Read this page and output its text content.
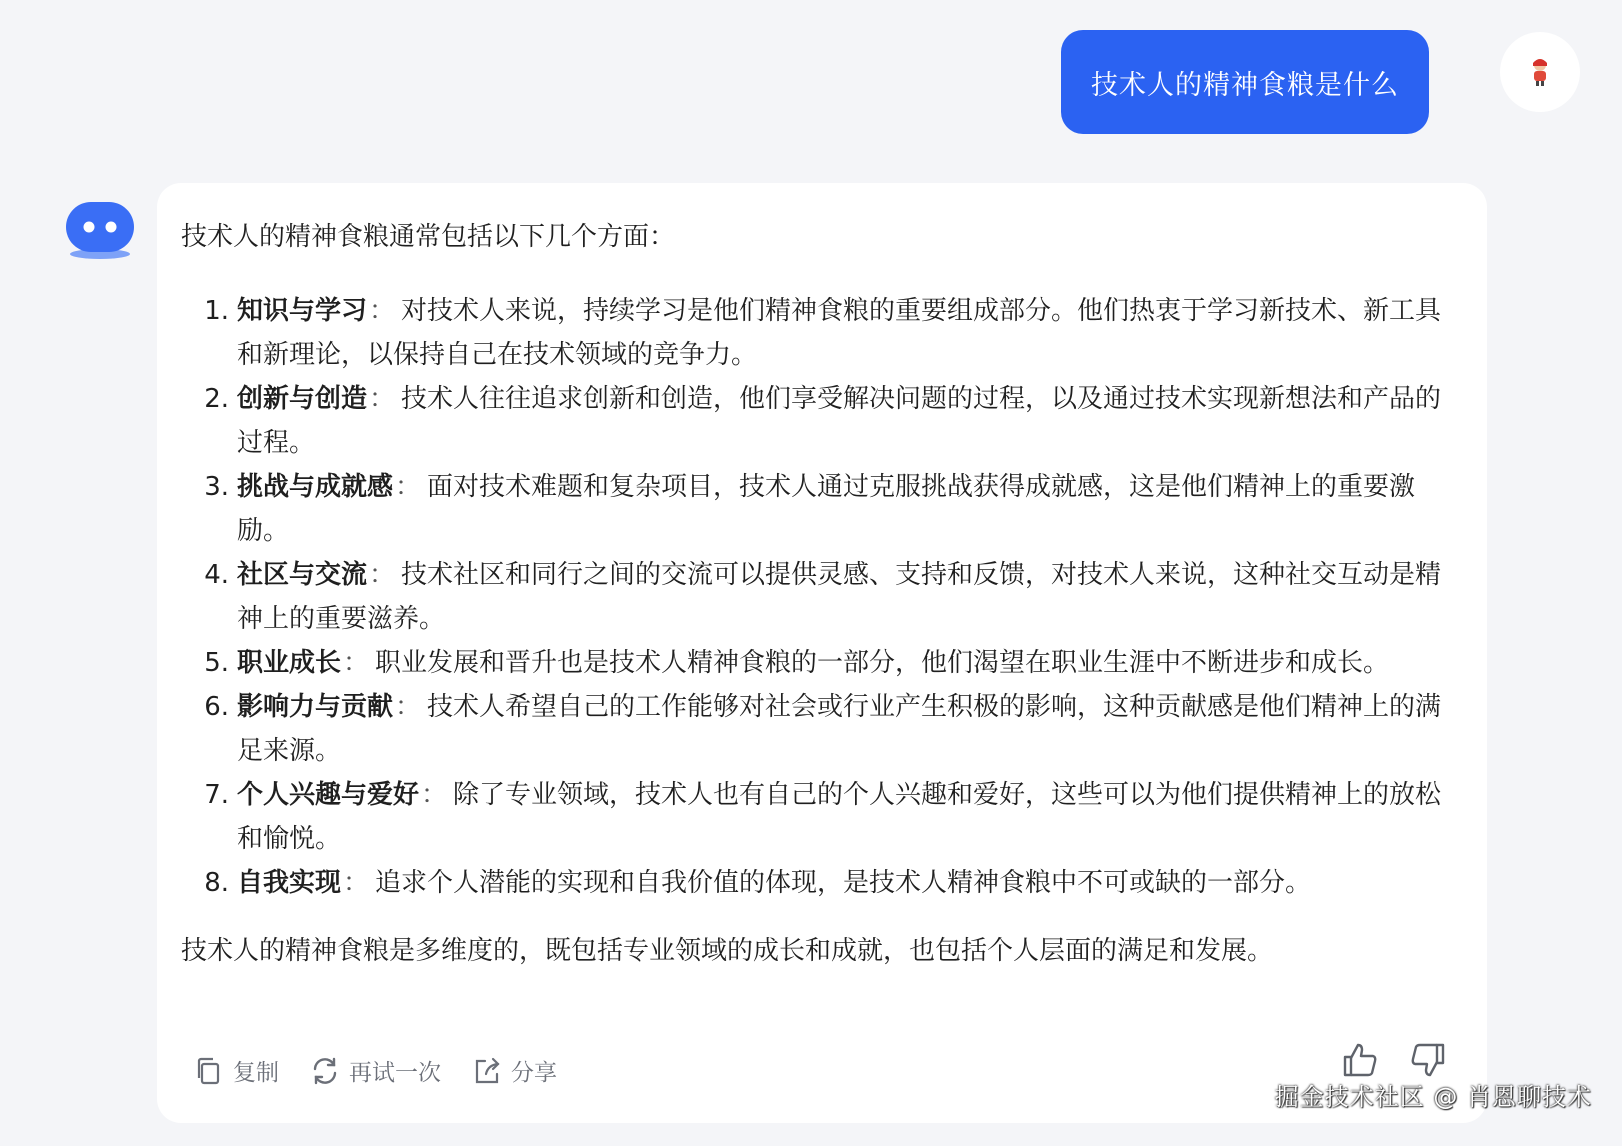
技术人的精神食粮是什么

技术人的精神食粮通常包括以下几个方面：

1. 知识与学习： 对技术人来说，持续学习是他们精神食粮的重要组成部分。他们热衷于学习新技术、新工具和新理论，以保持自己在技术领域的竞争力。
2. 创新与创造： 技术人往往追求创新和创造，他们享受解决问题的过程，以及通过技术实现新想法和产品的过程。
3. 挑战与成就感： 面对技术难题和复杂项目，技术人通过克服挑战获得成就感，这是他们精神上的重要激励。
4. 社区与交流： 技术社区和同行之间的交流可以提供灵感、支持和反馈，对技术人来说，这种社交互动是精神上的重要滋养。
5. 职业成长： 职业发展和晋升也是技术人精神食粮的一部分，他们渴望在职业生涯中不断进步和成长。
6. 影响力与贡献： 技术人希望自己的工作能够对社会或行业产生积极的影响，这种贡献感是他们精神上的满足来源。
7. 个人兴趣与爱好： 除了专业领域，技术人也有自己的个人兴趣和爱好，这些可以为他们提供精神上的放松和愉悦。
8. 自我实现： 追求个人潜能的实现和自我价值的体现，是技术人精神食粮中不可或缺的一部分。

技术人的精神食粮是多维度的，既包括专业领域的成长和成就，也包括个人层面的满足和发展。

复制	再试一次	分享
掘金技术社区 @ 肖恩聊技术
